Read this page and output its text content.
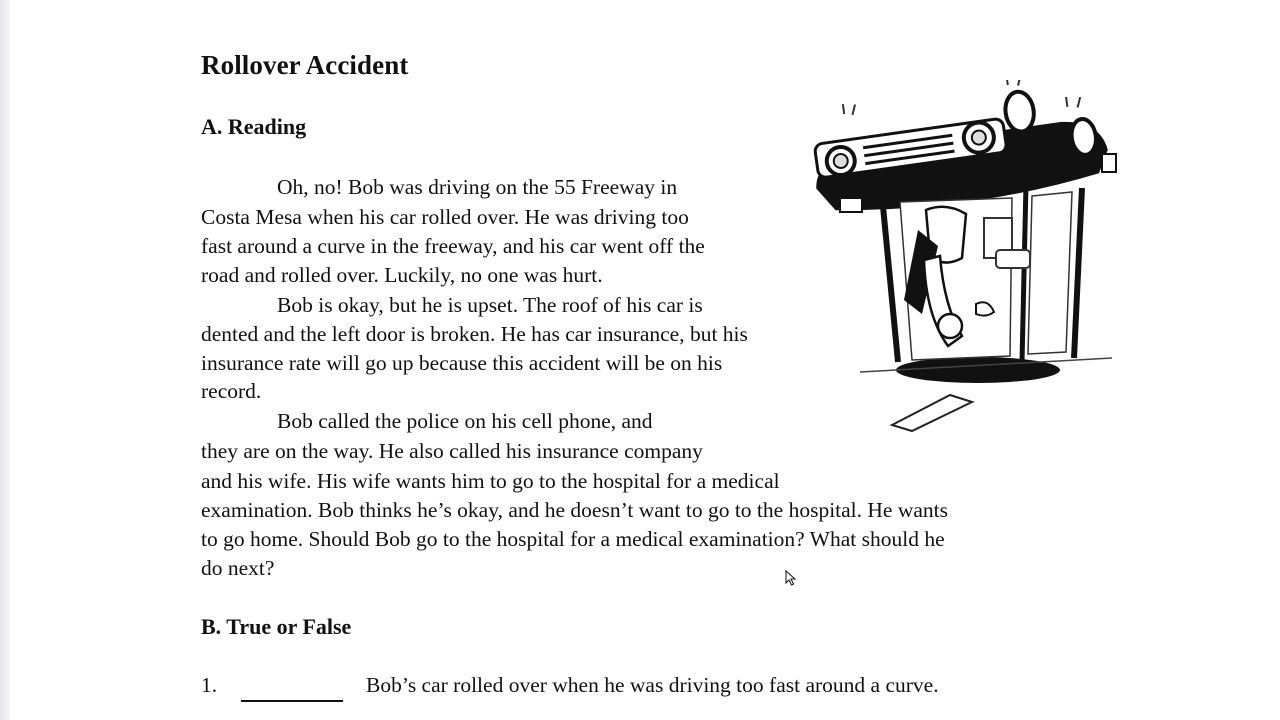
Rollover Accident
A. Reading

Oh, no! Bob was driving on the 55 Freeway in

Costa Mesa when his car rolled over. He was driving too

fast around a curve in the freeway, and his car went off the

road and rolled over. Luckily, no one was hurt.

Bob is okay, but he is upset. The roof of his car is

dented and the left door is broken. He has car insurance, but his

insurance rate will go up because this accident will be on his

record.

Bob called the police on his cell phone, and

they are on the way. He also called his insurance company

and his wife. His wife wants him to go to the hospital for a medical

examination. Bob thinks he’s okay, and he doesn’t want to go to the hospital. He wants

to go home. Should Bob go to the hospital for a medical examination? What should he

do next?

B. True or False
1.	Bob’s car rolled over when he was driving too fast around a curve.
